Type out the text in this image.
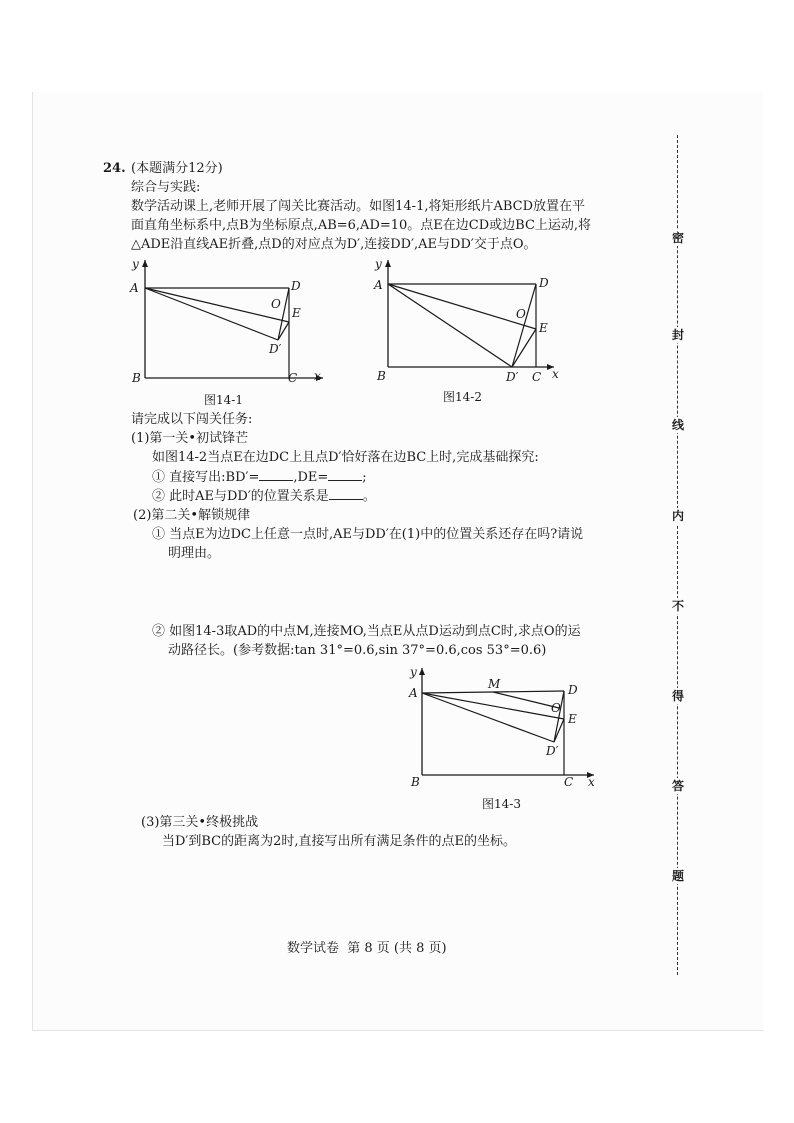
24. (本题满分12分)
综合与实践:
数学活动课上,老师开展了闯关比赛活动。如图14-1,将矩形纸片ABCD放置在平
面直角坐标系中,点B为坐标原点,AB=6,AD=10。点E在边CD或边BC上运动,将
△ADE沿直线AE折叠,点D的对应点为D′,连接DD′,AE与DD′交于点O。
y
A
B	C x
D
O
E
D′
图14-1
y
A
B	D′ C x
D
O
E
图14-2
请完成以下闯关任务:
(1)第一关•初试锋芒
如图14-2当点E在边DC上且点D′恰好落在边BC上时,完成基础探究:
① 直接写出:BD′=	,DE=	;
② 此时AE与DD′的位置关系是	。
(2)第二关•解锁规律
① 当点E为边DC上任意一点时,AE与DD′在(1)中的位置关系还存在吗?请说
明理由。
② 如图14-3取AD的中点M,连接MO,当点E从点D运动到点C时,求点O的运
动路径长。(参考数据:tan 31°=0.6,sin 37°=0.6,cos 53°=0.6)
y
A
M	D
O
E
D′
B	C x
图14-3
(3)第三关•终极挑战
当D′到BC的距离为2时,直接写出所有满足条件的点E的坐标。
数学试卷  第 8 页 (共 8 页)
密
封
线
内
不
得
答
题
